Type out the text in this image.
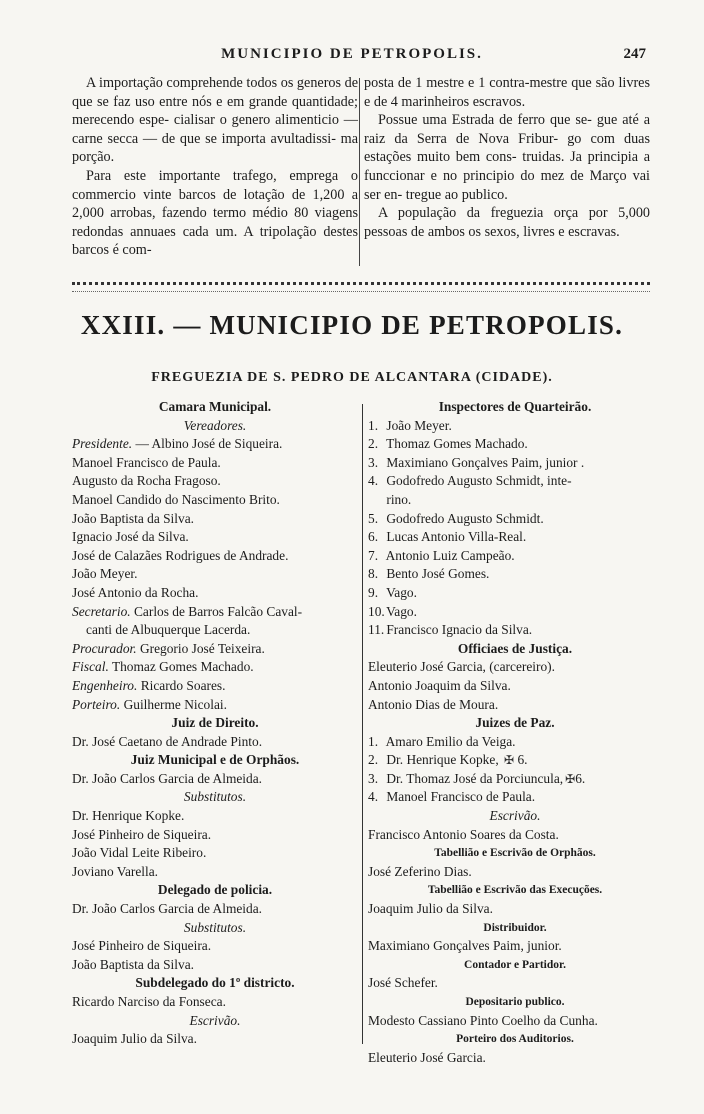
MUNICIPIO DE PETROPOLIS.	247

A importação comprehende todos os generos de que se faz uso entre nós e em grande quantidade; merecendo espe- cialisar o genero alimenticio — carne secca — de que se importa avultadissi- ma porção.

Para este importante trafego, emprega o commercio vinte barcos de lotação de 1,200 a 2,000 arrobas, fazendo termo médio 80 viagens redondas annuaes cada um. A tripolação destes barcos é com-

posta de 1 mestre e 1 contra-mestre que são livres e de 4 marinheiros escravos.

Possue uma Estrada de ferro que se- gue até a raiz da Serra de Nova Fribur- go com duas estações muito bem cons- truidas. Ja principia a funccionar e no principio do mez de Março vai ser en- tregue ao publico.

A população da freguezia orça por 5,000 pessoas de ambos os sexos, livres e escravas.

XXIII. — MUNICIPIO DE PETROPOLIS.
FREGUEZIA DE S. PEDRO DE ALCANTARA (CIDADE).
Camara Municipal.
Vereadores.
Presidente. — Albino José de Siqueira.
Manoel Francisco de Paula.
Augusto da Rocha Fragoso.
Manoel Candido do Nascimento Brito.
João Baptista da Silva.
Ignacio José da Silva.
José de Calazães Rodrigues de Andrade.
João Meyer.
José Antonio da Rocha.
Secretario. Carlos de Barros Falcão Caval-
canti de Albuquerque Lacerda.
Procurador. Gregorio José Teixeira.
Fiscal. Thomaz Gomes Machado.
Engenheiro. Ricardo Soares.
Porteiro. Guilherme Nicolai.
Juiz de Direito.
Dr. José Caetano de Andrade Pinto.
Juiz Municipal e de Orphãos.
Dr. João Carlos Garcia de Almeida.
Substitutos.
Dr. Henrique Kopke.
José Pinheiro de Siqueira.
João Vidal Leite Ribeiro.
Joviano Varella.
Delegado de policia.
Dr. João Carlos Garcia de Almeida.
Substitutos.
José Pinheiro de Siqueira.
João Baptista da Silva.
Subdelegado do 1º districto.
Ricardo Narciso da Fonseca.
Escrivão.
Joaquim Julio da Silva.
Inspectores de Quarteirão.
1. João Meyer.
2. Thomaz Gomes Machado.
3. Maximiano Gonçalves Paim, junior .
4. Godofredo Augusto Schmidt, inte-
rino.
5. Godofredo Augusto Schmidt.
6. Lucas Antonio Villa-Real.
7. Antonio Luiz Campeão.
8. Bento José Gomes.
9. Vago.
10. Vago.
11. Francisco Ignacio da Silva.
Officiaes de Justiça.
Eleuterio José Garcia, (carcereiro).
Antonio Joaquim da Silva.
Antonio Dias de Moura.
Juizes de Paz.
1. Amaro Emilio da Veiga.
2. Dr. Henrique Kopke, ✠ 6.
3. Dr. Thomaz José da Porciuncula, ✠6.
4. Manoel Francisco de Paula.
Escrivão.
Francisco Antonio Soares da Costa.
Tabellião e Escrivão de Orphãos.
José Zeferino Dias.
Tabellião e Escrivão das Execuções.
Joaquim Julio da Silva.
Distribuidor.
Maximiano Gonçalves Paim, junior.
Contador e Partidor.
José Schefer.
Depositario publico.
Modesto Cassiano Pinto Coelho da Cunha.
Porteiro dos Auditorios.
Eleuterio José Garcia.
